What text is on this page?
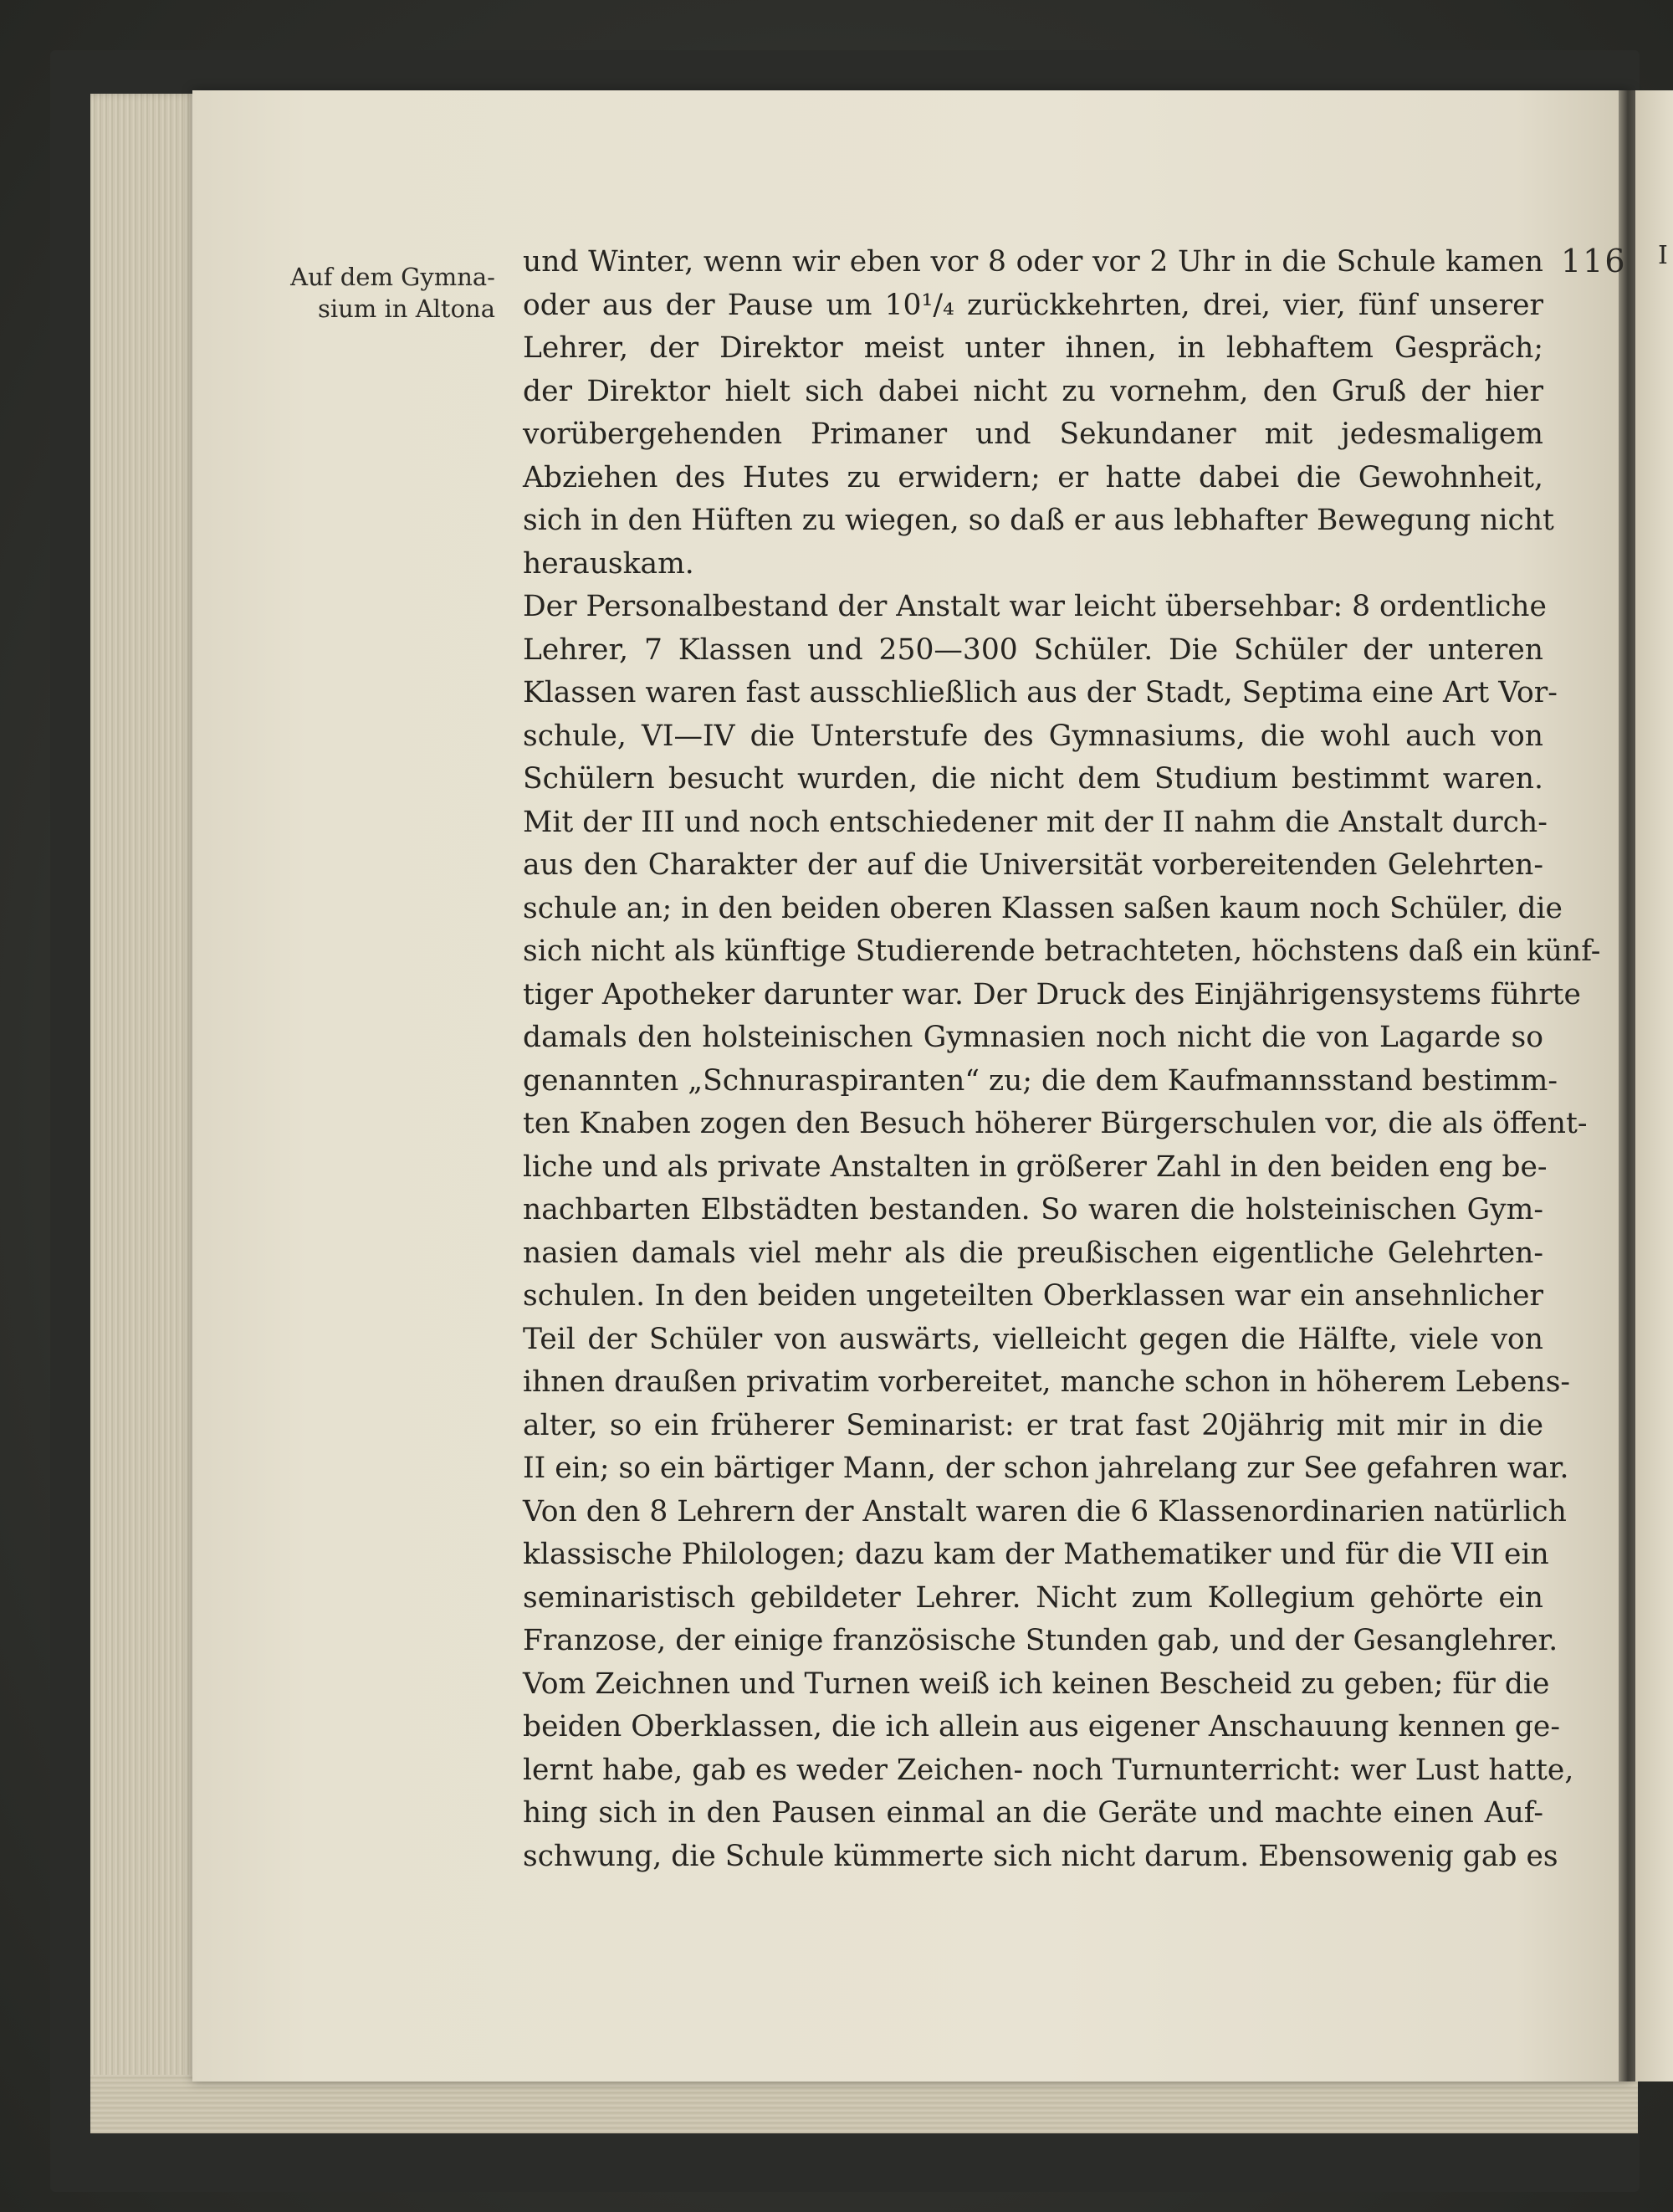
I
Auf dem Gymna-
sium in Altona
116
und Winter, wenn wir eben vor 8 oder vor 2 Uhr in die Schule kamen
oder aus der Pause um 10¹/₄ zurückkehrten, drei, vier, fünf unserer
Lehrer, der Direktor meist unter ihnen, in lebhaftem Gespräch;
der Direktor hielt sich dabei nicht zu vornehm, den Gruß der hier
vorübergehenden Primaner und Sekundaner mit jedesmaligem
Abziehen des Hutes zu erwidern; er hatte dabei die Gewohnheit,
sich in den Hüften zu wiegen, so daß er aus lebhafter Bewegung nicht
herauskam.
Der Personalbestand der Anstalt war leicht übersehbar: 8 ordentliche
Lehrer, 7 Klassen und 250—300 Schüler. Die Schüler der unteren
Klassen waren fast ausschließlich aus der Stadt, Septima eine Art Vor-
schule, VI—IV die Unterstufe des Gymnasiums, die wohl auch von
Schülern besucht wurden, die nicht dem Studium bestimmt waren.
Mit der III und noch entschiedener mit der II nahm die Anstalt durch-
aus den Charakter der auf die Universität vorbereitenden Gelehrten-
schule an; in den beiden oberen Klassen saßen kaum noch Schüler, die
sich nicht als künftige Studierende betrachteten, höchstens daß ein künf-
tiger Apotheker darunter war. Der Druck des Einjährigensystems führte
damals den holsteinischen Gymnasien noch nicht die von Lagarde so
genannten „Schnuraspiranten“ zu; die dem Kaufmannsstand bestimm-
ten Knaben zogen den Besuch höherer Bürgerschulen vor, die als öffent-
liche und als private Anstalten in größerer Zahl in den beiden eng be-
nachbarten Elbstädten bestanden. So waren die holsteinischen Gym-
nasien damals viel mehr als die preußischen eigentliche Gelehrten-
schulen. In den beiden ungeteilten Oberklassen war ein ansehnlicher
Teil der Schüler von auswärts, vielleicht gegen die Hälfte, viele von
ihnen draußen privatim vorbereitet, manche schon in höherem Lebens-
alter, so ein früherer Seminarist: er trat fast 20jährig mit mir in die
II ein; so ein bärtiger Mann, der schon jahrelang zur See gefahren war.
Von den 8 Lehrern der Anstalt waren die 6 Klassenordinarien natürlich
klassische Philologen; dazu kam der Mathematiker und für die VII ein
seminaristisch gebildeter Lehrer. Nicht zum Kollegium gehörte ein
Franzose, der einige französische Stunden gab, und der Gesanglehrer.
Vom Zeichnen und Turnen weiß ich keinen Bescheid zu geben; für die
beiden Oberklassen, die ich allein aus eigener Anschauung kennen ge-
lernt habe, gab es weder Zeichen- noch Turnunterricht: wer Lust hatte,
hing sich in den Pausen einmal an die Geräte und machte einen Auf-
schwung, die Schule kümmerte sich nicht darum. Ebensowenig gab es
